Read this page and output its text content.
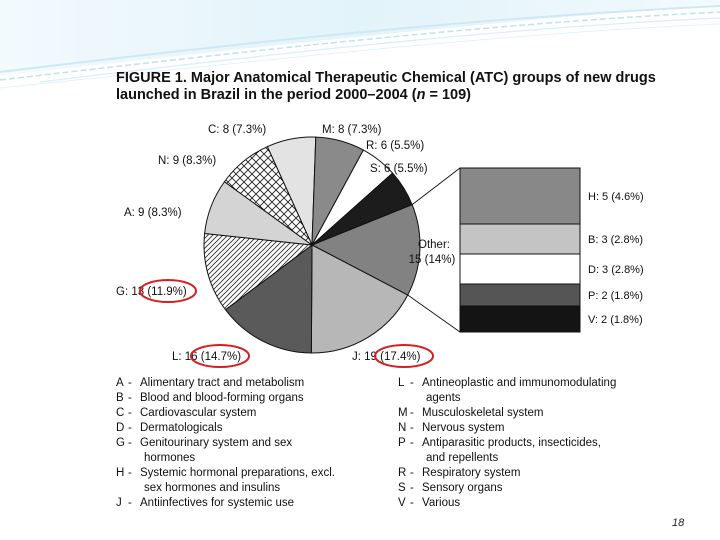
FIGURE 1. Major Anatomical Therapeutic Chemical (ATC) groups of new drugs
launched in Brazil in the period 2000–2004 (n = 109)
H: 5 (4.6%)
B: 3 (2.8%)
D: 3 (2.8%)
P: 2 (1.8%)
V: 2 (1.8%)
C: 8 (7.3%)	M: 8 (7.3%)
R: 6 (5.5%)
S: 6 (5.5%)
Other:
15 (14%)
J: 19 (17.4%)
L: 16 (14.7%)
G: 13 (11.9%)
A: 9 (8.3%)
N: 9 (8.3%)
A - Alimentary tract and metabolism
B - Blood and blood-forming organs
C - Cardiovascular system
D - Dermatologicals
G - Genitourinary system and sex
hormones
H - Systemic hormonal preparations, excl.
sex hormones and insulins
J - Antiinfectives for systemic use
L - Antineoplastic and immunomodulating
agents
M - Musculoskeletal system
N - Nervous system
P - Antiparasitic products, insecticides,
and repellents
R - Respiratory system
S - Sensory organs
V - Various
18
